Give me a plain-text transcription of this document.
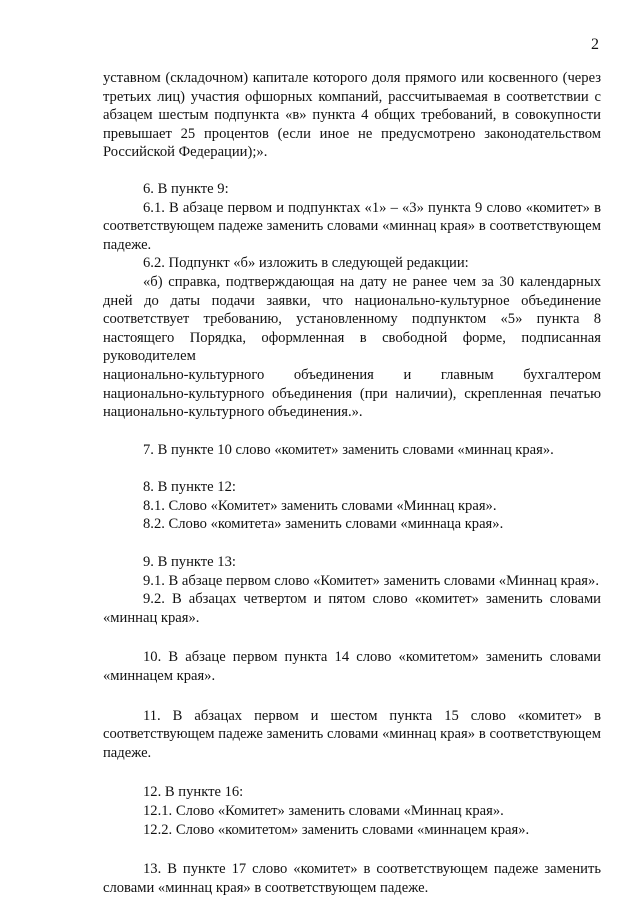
2

уставном (складочном) капитале которого доля прямого или косвенного (через третьих лиц) участия офшорных компаний, рассчитываемая в соответствии с абзацем шестым подпункта «в» пункта 4 общих требований, в совокупности превышает 25 процентов (если иное не предусмотрено законодательством Российской Федерации);».

6. В пункте 9:

6.1. В абзаце первом и подпунктах «1» – «3» пункта 9 слово «комитет» в соответствующем падеже заменить словами «миннац края» в соответствующем падеже.

6.2. Подпункт «б» изложить в следующей редакции:

«б) справка, подтверждающая на дату не ранее чем за 30 календарных дней до даты подачи заявки, что национально-культурное объединение соответствует требованию, установленному подпунктом «5» пункта 8 настоящего Порядка, оформленная в свободной форме, подписанная руководителем

национально-культурного объединения и главным бухгалтером

национально-культурного объединения (при наличии), скрепленная печатью национально-культурного объединения.».

7. В пункте 10 слово «комитет» заменить словами «миннац края».

8. В пункте 12:

8.1. Слово «Комитет» заменить словами «Миннац края».

8.2. Слово «комитета» заменить словами «миннаца края».

9. В пункте 13:

9.1. В абзаце первом слово «Комитет» заменить словами «Миннац края».

9.2. В абзацах четвертом и пятом слово «комитет» заменить словами «миннац края».

10. В абзаце первом пункта 14 слово «комитетом» заменить словами «миннацем края».

11. В абзацах первом и шестом пункта 15 слово «комитет» в соответствующем падеже заменить словами «миннац края» в соответствующем падеже.

12. В пункте 16:

12.1. Слово «Комитет» заменить словами «Миннац края».

12.2. Слово «комитетом» заменить словами «миннацем края».

13. В пункте 17 слово «комитет» в соответствующем падеже заменить словами «миннац края» в соответствующем падеже.
